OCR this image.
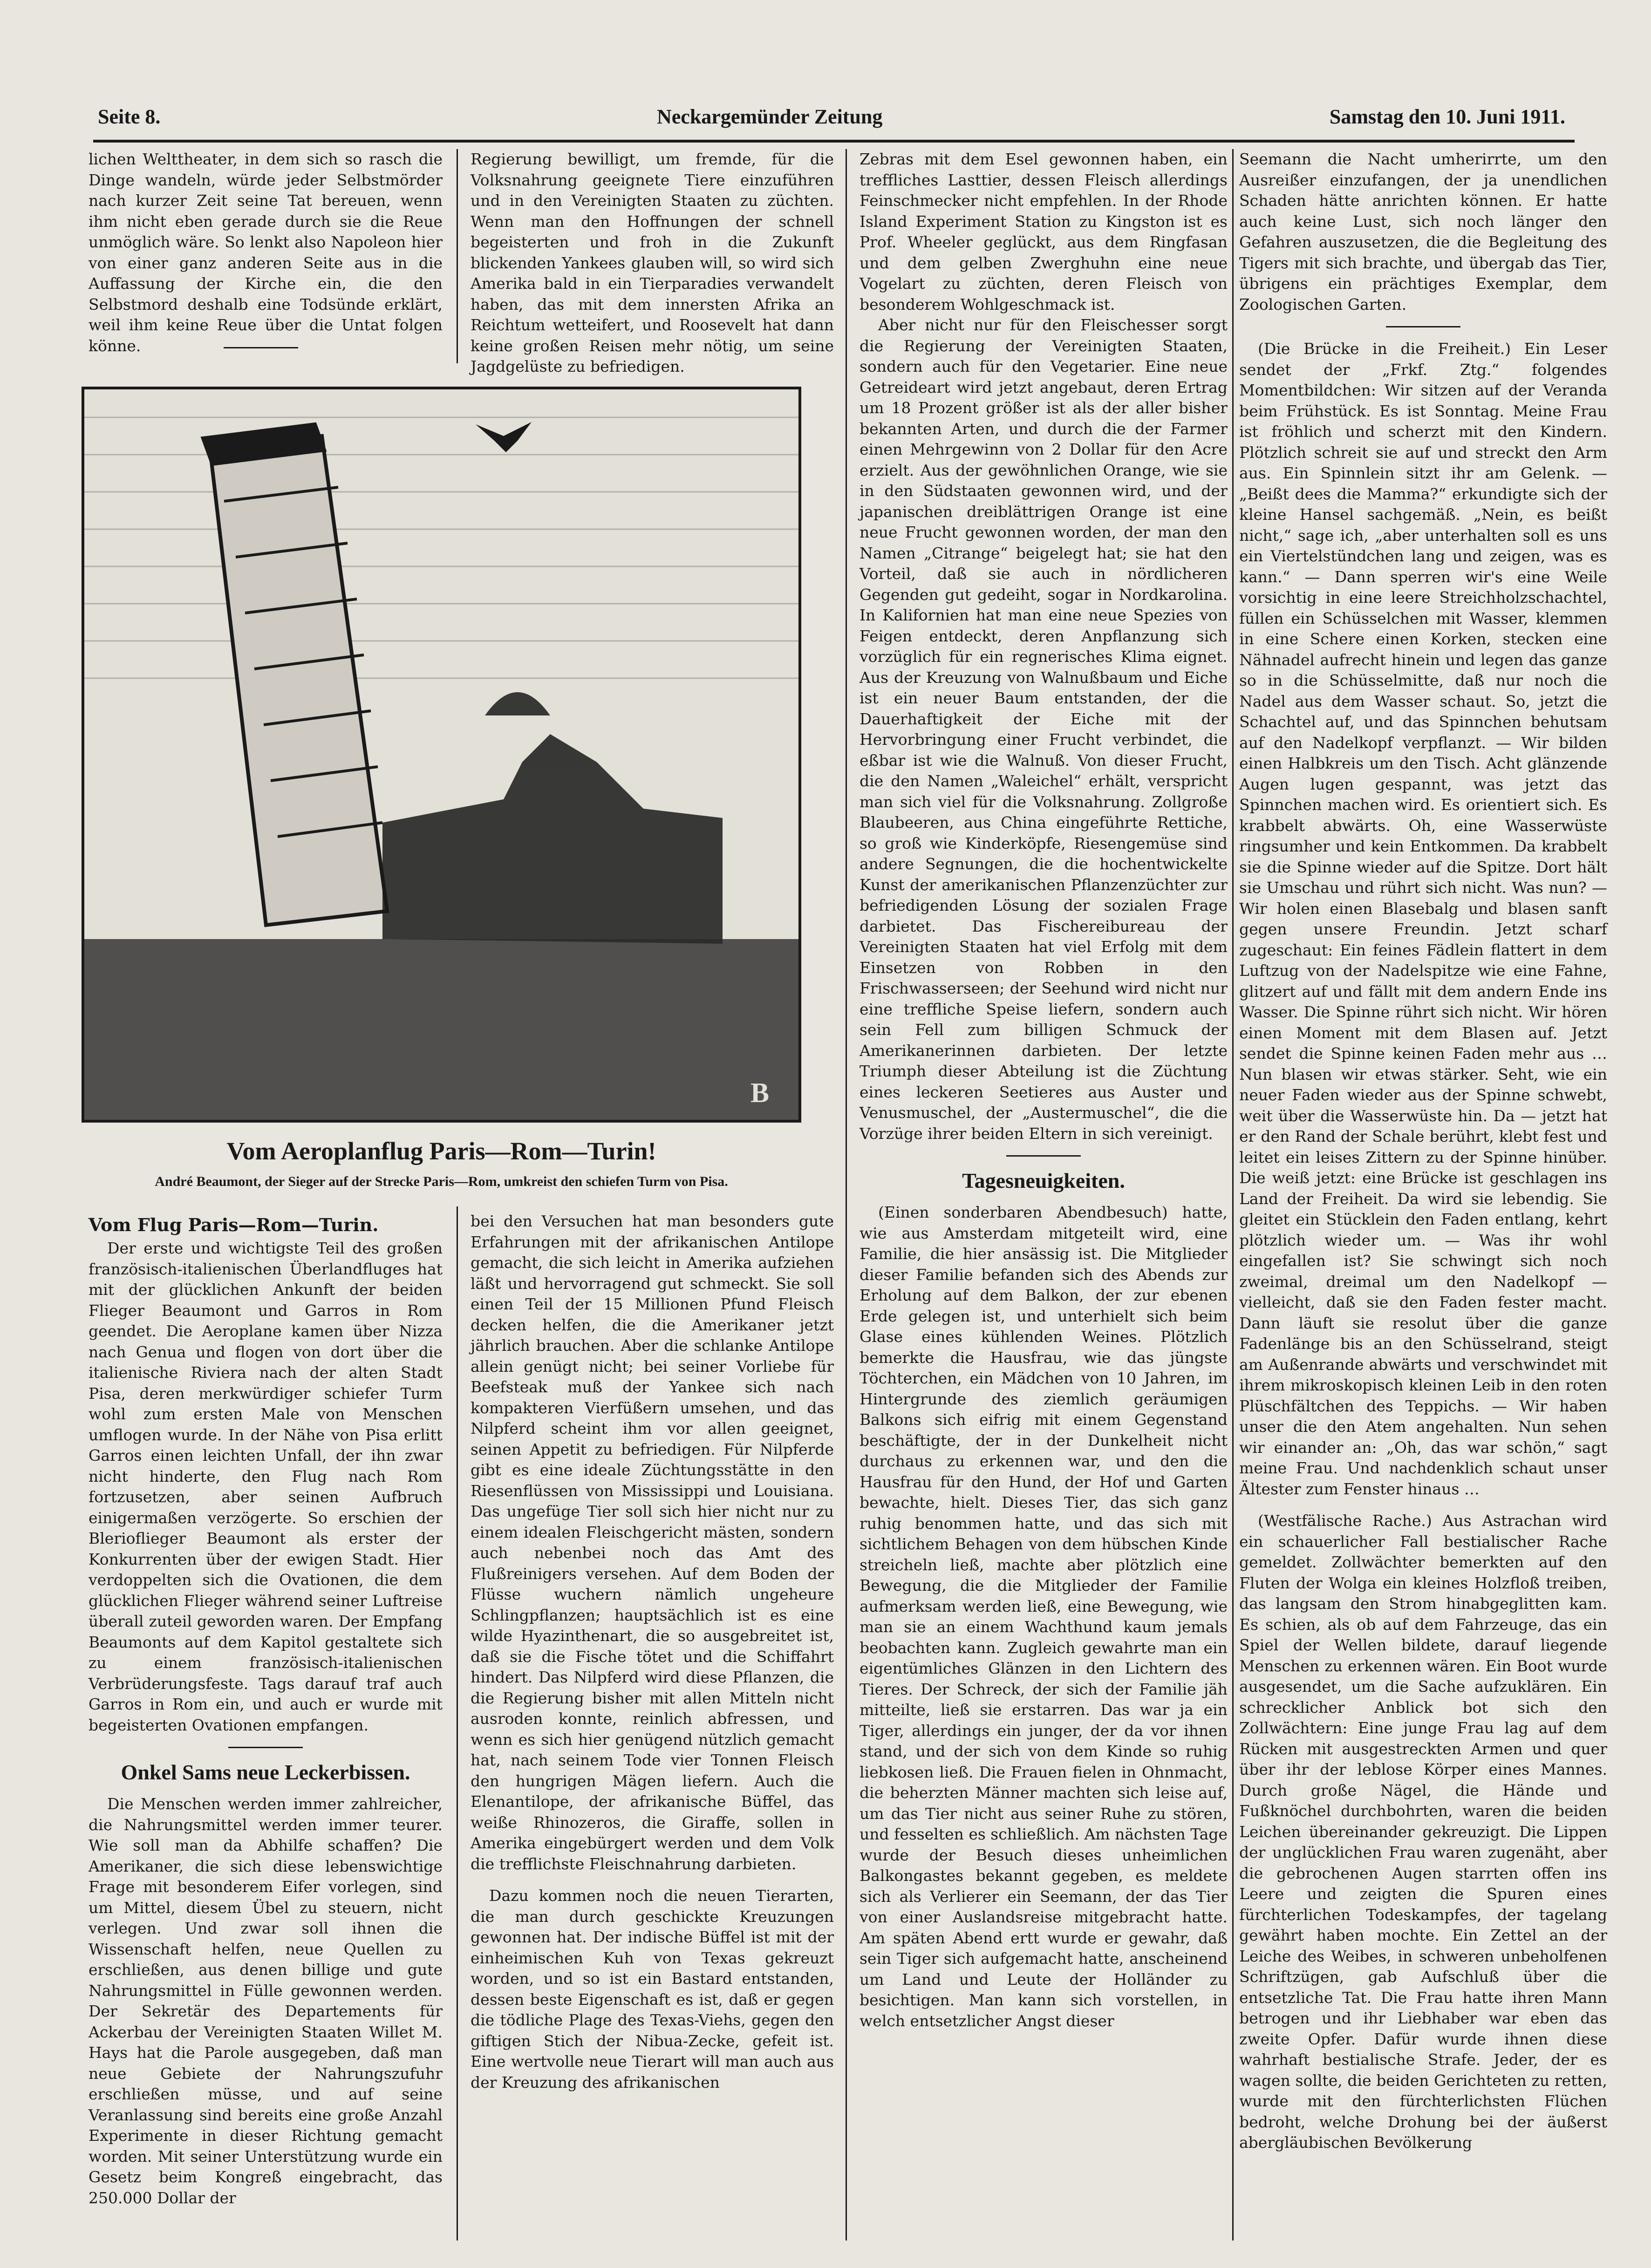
Seite 8.	Neckargemünder Zeitung	Samstag den 10. Juni 1911.

lichen Welttheater, in dem sich so rasch die Dinge wandeln, würde jeder Selbstmörder nach kurzer Zeit seine Tat bereuen, wenn ihm nicht eben gerade durch sie die Reue unmöglich wäre. So lenkt also Napoleon hier von einer ganz anderen Seite aus in die Auffassung der Kirche ein, die den Selbstmord deshalb eine Todsünde erklärt, weil ihm keine Reue über die Untat folgen könne.

Regierung bewilligt, um fremde, für die Volksnahrung geeignete Tiere einzuführen und in den Vereinigten Staaten zu züchten. Wenn man den Hoffnungen der schnell begeisterten und froh in die Zukunft blickenden Yankees glauben will, so wird sich Amerika bald in ein Tierparadies verwandelt haben, das mit dem innersten Afrika an Reichtum wetteifert, und Roosevelt hat dann keine großen Reisen mehr nötig, um seine Jagdgelüste zu befriedigen.

B
Vom Aeroplanflug Paris—Rom—Turin!
André Beaumont, der Sieger auf der Strecke Paris—Rom, umkreist den schiefen Turm von Pisa.
Vom Flug Paris—Rom—Turin.

Der erste und wichtigste Teil des großen französisch-italienischen Überlandfluges hat mit der glücklichen Ankunft der beiden Flieger Beaumont und Garros in Rom geendet. Die Aeroplane kamen über Nizza nach Genua und flogen von dort über die italienische Riviera nach der alten Stadt Pisa, deren merkwürdiger schiefer Turm wohl zum ersten Male von Menschen umflogen wurde. In der Nähe von Pisa erlitt Garros einen leichten Unfall, der ihn zwar nicht hinderte, den Flug nach Rom fortzusetzen, aber seinen Aufbruch einigermaßen verzögerte. So erschien der Blerioflieger Beaumont als erster der Konkurrenten über der ewigen Stadt. Hier verdoppelten sich die Ovationen, die dem glücklichen Flieger während seiner Luftreise überall zuteil geworden waren. Der Empfang Beaumonts auf dem Kapitol gestaltete sich zu einem französisch-italienischen Verbrüderungsfeste. Tags darauf traf auch Garros in Rom ein, und auch er wurde mit begeisterten Ovationen empfangen.

Onkel Sams neue Leckerbissen.

Die Menschen werden immer zahlreicher, die Nahrungsmittel werden immer teurer. Wie soll man da Abhilfe schaffen? Die Amerikaner, die sich diese lebenswichtige Frage mit besonderem Eifer vorlegen, sind um Mittel, diesem Übel zu steuern, nicht verlegen. Und zwar soll ihnen die Wissenschaft helfen, neue Quellen zu erschließen, aus denen billige und gute Nahrungsmittel in Fülle gewonnen werden. Der Sekretär des Departements für Ackerbau der Vereinigten Staaten Willet M. Hays hat die Parole ausgegeben, daß man neue Gebiete der Nahrungszufuhr erschließen müsse, und auf seine Veranlassung sind bereits eine große Anzahl Experimente in dieser Richtung gemacht worden. Mit seiner Unterstützung wurde ein Gesetz beim Kongreß eingebracht, das 250.000 Dollar der

bei den Versuchen hat man besonders gute Erfahrungen mit der afrikanischen Antilope gemacht, die sich leicht in Amerika aufziehen läßt und hervorragend gut schmeckt. Sie soll einen Teil der 15 Millionen Pfund Fleisch decken helfen, die die Amerikaner jetzt jährlich brauchen. Aber die schlanke Antilope allein genügt nicht; bei seiner Vorliebe für Beefsteak muß der Yankee sich nach kompakteren Vierfüßern umsehen, und das Nilpferd scheint ihm vor allen geeignet, seinen Appetit zu befriedigen. Für Nilpferde gibt es eine ideale Züchtungsstätte in den Riesenflüssen von Mississippi und Louisiana. Das ungefüge Tier soll sich hier nicht nur zu einem idealen Fleischgericht mästen, sondern auch nebenbei noch das Amt des Flußreinigers versehen. Auf dem Boden der Flüsse wuchern nämlich ungeheure Schlingpflanzen; hauptsächlich ist es eine wilde Hyazinthenart, die so ausgebreitet ist, daß sie die Fische tötet und die Schiffahrt hindert. Das Nilpferd wird diese Pflanzen, die die Regierung bisher mit allen Mitteln nicht ausroden konnte, reinlich abfressen, und wenn es sich hier genügend nützlich gemacht hat, nach seinem Tode vier Tonnen Fleisch den hungrigen Mägen liefern. Auch die Elenantilope, der afrikanische Büffel, das weiße Rhinozeros, die Giraffe, sollen in Amerika eingebürgert werden und dem Volk die trefflichste Fleischnahrung darbieten.

Dazu kommen noch die neuen Tierarten, die man durch geschickte Kreuzungen gewonnen hat. Der indische Büffel ist mit der einheimischen Kuh von Texas gekreuzt worden, und so ist ein Bastard entstanden, dessen beste Eigenschaft es ist, daß er gegen die tödliche Plage des Texas-Viehs, gegen den giftigen Stich der Nibua-Zecke, gefeit ist. Eine wertvolle neue Tierart will man auch aus der Kreuzung des afrikanischen

Zebras mit dem Esel gewonnen haben, ein treffliches Lasttier, dessen Fleisch allerdings Feinschmecker nicht empfehlen. In der Rhode Island Experiment Station zu Kingston ist es Prof. Wheeler geglückt, aus dem Ringfasan und dem gelben Zwerghuhn eine neue Vogelart zu züchten, deren Fleisch von besonderem Wohlgeschmack ist.

Aber nicht nur für den Fleischesser sorgt die Regierung der Vereinigten Staaten, sondern auch für den Vegetarier. Eine neue Getreideart wird jetzt angebaut, deren Ertrag um 18 Prozent größer ist als der aller bisher bekannten Arten, und durch die der Farmer einen Mehrgewinn von 2 Dollar für den Acre erzielt. Aus der gewöhnlichen Orange, wie sie in den Südstaaten gewonnen wird, und der japanischen dreiblättrigen Orange ist eine neue Frucht gewonnen worden, der man den Namen „Citrange“ beigelegt hat; sie hat den Vorteil, daß sie auch in nördlicheren Gegenden gut gedeiht, sogar in Nordkarolina. In Kalifornien hat man eine neue Spezies von Feigen entdeckt, deren Anpflanzung sich vorzüglich für ein regnerisches Klima eignet. Aus der Kreuzung von Walnußbaum und Eiche ist ein neuer Baum entstanden, der die Dauerhaftigkeit der Eiche mit der Hervorbringung einer Frucht verbindet, die eßbar ist wie die Walnuß. Von dieser Frucht, die den Namen „Waleichel“ erhält, verspricht man sich viel für die Volksnahrung. Zollgroße Blaubeeren, aus China eingeführte Rettiche, so groß wie Kinderköpfe, Riesengemüse sind andere Segnungen, die die hochentwickelte Kunst der amerikanischen Pflanzenzüchter zur befriedigenden Lösung der sozialen Frage darbietet. Das Fischereibureau der Vereinigten Staaten hat viel Erfolg mit dem Einsetzen von Robben in den Frischwasserseen; der Seehund wird nicht nur eine treffliche Speise liefern, sondern auch sein Fell zum billigen Schmuck der Amerikanerinnen darbieten. Der letzte Triumph dieser Abteilung ist die Züchtung eines leckeren Seetieres aus Auster und Venusmuschel, der „Austermuschel“, die die Vorzüge ihrer beiden Eltern in sich vereinigt.

Tagesneuigkeiten.

(Einen sonderbaren Abendbesuch) hatte, wie aus Amsterdam mitgeteilt wird, eine Familie, die hier ansässig ist. Die Mitglieder dieser Familie befanden sich des Abends zur Erholung auf dem Balkon, der zur ebenen Erde gelegen ist, und unterhielt sich beim Glase eines kühlenden Weines. Plötzlich bemerkte die Hausfrau, wie das jüngste Töchterchen, ein Mädchen von 10 Jahren, im Hintergrunde des ziemlich geräumigen Balkons sich eifrig mit einem Gegenstand beschäftigte, der in der Dunkelheit nicht durchaus zu erkennen war, und den die Hausfrau für den Hund, der Hof und Garten bewachte, hielt. Dieses Tier, das sich ganz ruhig benommen hatte, und das sich mit sichtlichem Behagen von dem hübschen Kinde streicheln ließ, machte aber plötzlich eine Bewegung, die die Mitglieder der Familie aufmerksam werden ließ, eine Bewegung, wie man sie an einem Wachthund kaum jemals beobachten kann. Zugleich gewahrte man ein eigentümliches Glänzen in den Lichtern des Tieres. Der Schreck, der sich der Familie jäh mitteilte, ließ sie erstarren. Das war ja ein Tiger, allerdings ein junger, der da vor ihnen stand, und der sich von dem Kinde so ruhig liebkosen ließ. Die Frauen fielen in Ohnmacht, die beherzten Männer machten sich leise auf, um das Tier nicht aus seiner Ruhe zu stören, und fesselten es schließlich. Am nächsten Tage wurde der Besuch dieses unheimlichen Balkongastes bekannt gegeben, es meldete sich als Verlierer ein Seemann, der das Tier von einer Auslandsreise mitgebracht hatte. Am späten Abend ertt wurde er gewahr, daß sein Tiger sich aufgemacht hatte, anscheinend um Land und Leute der Holländer zu besichtigen. Man kann sich vorstellen, in welch entsetzlicher Angst dieser

Seemann die Nacht umherirrte, um den Ausreißer einzufangen, der ja unendlichen Schaden hätte anrichten können. Er hatte auch keine Lust, sich noch länger den Gefahren auszusetzen, die die Begleitung des Tigers mit sich brachte, und übergab das Tier, übrigens ein prächtiges Exemplar, dem Zoologischen Garten.

(Die Brücke in die Freiheit.) Ein Leser sendet der „Frkf. Ztg.“ folgendes Momentbildchen: Wir sitzen auf der Veranda beim Frühstück. Es ist Sonntag. Meine Frau ist fröhlich und scherzt mit den Kindern. Plötzlich schreit sie auf und streckt den Arm aus. Ein Spinnlein sitzt ihr am Gelenk. — „Beißt dees die Mamma?“ erkundigte sich der kleine Hansel sachgemäß. „Nein, es beißt nicht,“ sage ich, „aber unterhalten soll es uns ein Viertelstündchen lang und zeigen, was es kann.“ — Dann sperren wir's eine Weile vorsichtig in eine leere Streichholzschachtel, füllen ein Schüsselchen mit Wasser, klemmen in eine Schere einen Korken, stecken eine Nähnadel aufrecht hinein und legen das ganze so in die Schüsselmitte, daß nur noch die Nadel aus dem Wasser schaut. So, jetzt die Schachtel auf, und das Spinnchen behutsam auf den Nadelkopf verpflanzt. — Wir bilden einen Halbkreis um den Tisch. Acht glänzende Augen lugen gespannt, was jetzt das Spinnchen machen wird. Es orientiert sich. Es krabbelt abwärts. Oh, eine Wasserwüste ringsumher und kein Entkommen. Da krabbelt sie die Spinne wieder auf die Spitze. Dort hält sie Umschau und rührt sich nicht. Was nun? — Wir holen einen Blasebalg und blasen sanft gegen unsere Freundin. Jetzt scharf zugeschaut: Ein feines Fädlein flattert in dem Luftzug von der Nadelspitze wie eine Fahne, glitzert auf und fällt mit dem andern Ende ins Wasser. Die Spinne rührt sich nicht. Wir hören einen Moment mit dem Blasen auf. Jetzt sendet die Spinne keinen Faden mehr aus … Nun blasen wir etwas stärker. Seht, wie ein neuer Faden wieder aus der Spinne schwebt, weit über die Wasserwüste hin. Da — jetzt hat er den Rand der Schale berührt, klebt fest und leitet ein leises Zittern zu der Spinne hinüber. Die weiß jetzt: eine Brücke ist geschlagen ins Land der Freiheit. Da wird sie lebendig. Sie gleitet ein Stücklein den Faden entlang, kehrt plötzlich wieder um. — Was ihr wohl eingefallen ist? Sie schwingt sich noch zweimal, dreimal um den Nadelkopf — vielleicht, daß sie den Faden fester macht. Dann läuft sie resolut über die ganze Fadenlänge bis an den Schüsselrand, steigt am Außenrande abwärts und verschwindet mit ihrem mikroskopisch kleinen Leib in den roten Plüschfältchen des Teppichs. — Wir haben unser die den Atem angehalten. Nun sehen wir einander an: „Oh, das war schön,“ sagt meine Frau. Und nachdenklich schaut unser Ältester zum Fenster hinaus …

(Westfälische Rache.) Aus Astrachan wird ein schauerlicher Fall bestialischer Rache gemeldet. Zollwächter bemerkten auf den Fluten der Wolga ein kleines Holzfloß treiben, das langsam den Strom hinabgeglitten kam. Es schien, als ob auf dem Fahrzeuge, das ein Spiel der Wellen bildete, darauf liegende Menschen zu erkennen wären. Ein Boot wurde ausgesendet, um die Sache aufzuklären. Ein schrecklicher Anblick bot sich den Zollwächtern: Eine junge Frau lag auf dem Rücken mit ausgestreckten Armen und quer über ihr der leblose Körper eines Mannes. Durch große Nägel, die Hände und Fußknöchel durchbohrten, waren die beiden Leichen übereinander gekreuzigt. Die Lippen der unglücklichen Frau waren zugenäht, aber die gebrochenen Augen starrten offen ins Leere und zeigten die Spuren eines fürchterlichen Todeskampfes, der tagelang gewährt haben mochte. Ein Zettel an der Leiche des Weibes, in schweren unbeholfenen Schriftzügen, gab Aufschluß über die entsetzliche Tat. Die Frau hatte ihren Mann betrogen und ihr Liebhaber war eben das zweite Opfer. Dafür wurde ihnen diese wahrhaft bestialische Strafe. Jeder, der es wagen sollte, die beiden Gerichteten zu retten, wurde mit den fürchterlichsten Flüchen bedroht, welche Drohung bei der äußerst abergläubischen Bevölkerung
